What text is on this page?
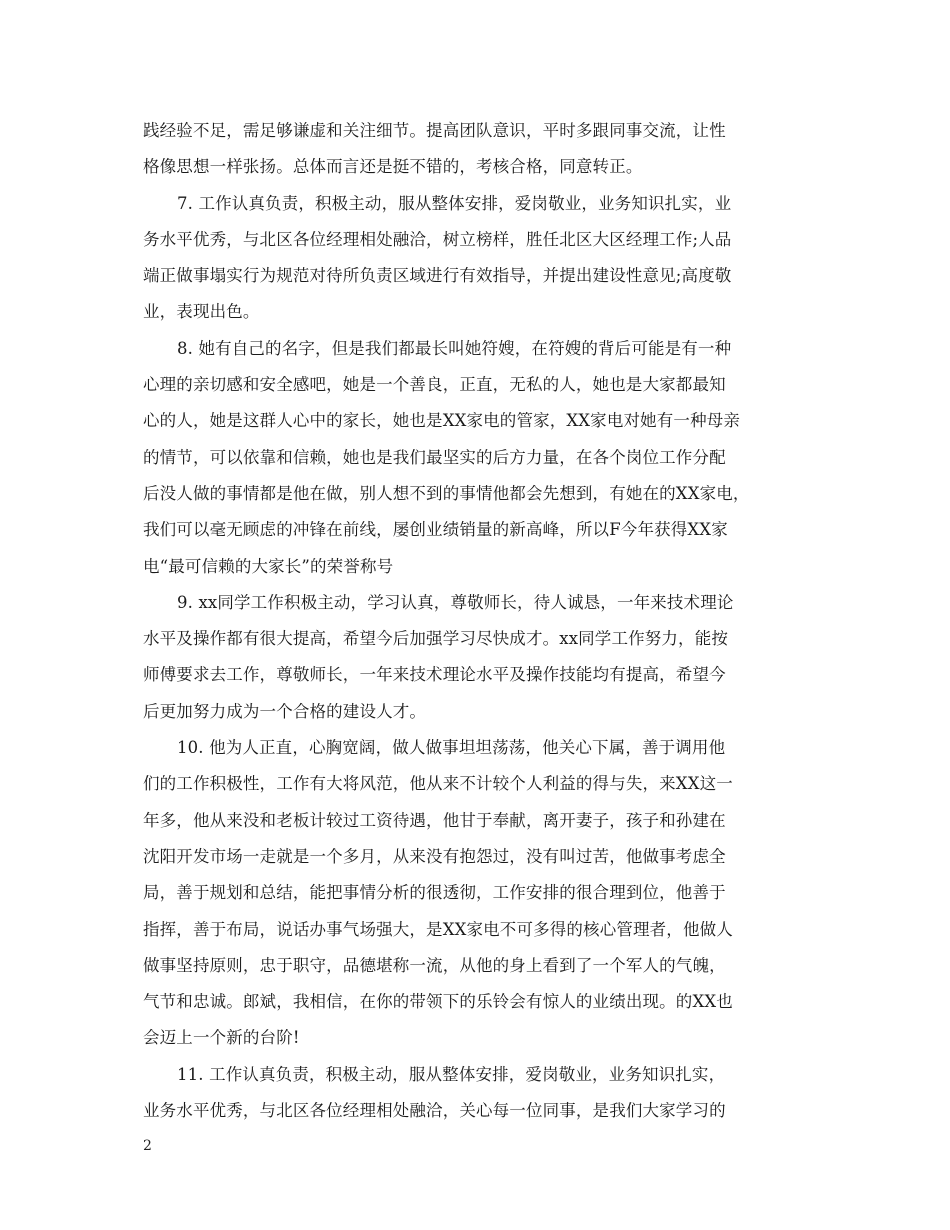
践经验不足，需足够谦虚和关注细节。提高团队意识，平时多跟同事交流，让性
格像思想一样张扬。总体而言还是挺不错的，考核合格，同意转正。
7. 工作认真负责，积极主动，服从整体安排，爱岗敬业，业务知识扎实，业
务水平优秀，与北区各位经理相处融洽，树立榜样，胜任北区大区经理工作;人品
端正做事塌实行为规范对待所负责区域进行有效指导，并提出建设性意见;高度敬
业，表现出色。
8. 她有自己的名字，但是我们都最长叫她符嫂，在符嫂的背后可能是有一种
心理的亲切感和安全感吧，她是一个善良，正直，无私的人，她也是大家都最知
心的人，她是这群人心中的家长，她也是XX家电的管家，XX家电对她有一种母亲
的情节，可以依靠和信赖，她也是我们最坚实的后方力量，在各个岗位工作分配
后没人做的事情都是他在做，别人想不到的事情他都会先想到，有她在的XX家电，
我们可以毫无顾虑的冲锋在前线，屡创业绩销量的新高峰，所以F今年获得XX家
电“最可信赖的大家长”的荣誉称号
9. xx同学工作积极主动，学习认真，尊敬师长，待人诚恳，一年来技术理论
水平及操作都有很大提高，希望今后加强学习尽快成才。xx同学工作努力，能按
师傅要求去工作，尊敬师长，一年来技术理论水平及操作技能均有提高，希望今
后更加努力成为一个合格的建设人才。
10. 他为人正直，心胸宽阔，做人做事坦坦荡荡，他关心下属，善于调用他
们的工作积极性，工作有大将风范，他从来不计较个人利益的得与失，来XX这一
年多，他从来没和老板计较过工资待遇，他甘于奉献，离开妻子，孩子和孙建在
沈阳开发市场一走就是一个多月，从来没有抱怨过，没有叫过苦，他做事考虑全
局，善于规划和总结，能把事情分析的很透彻，工作安排的很合理到位，他善于
指挥，善于布局，说话办事气场强大，是XX家电不可多得的核心管理者，他做人
做事坚持原则，忠于职守，品德堪称一流，从他的身上看到了一个军人的气魄，
气节和忠诚。郎斌，我相信，在你的带领下的乐铃会有惊人的业绩出现。的XX也
会迈上一个新的台阶!
11. 工作认真负责，积极主动，服从整体安排，爱岗敬业，业务知识扎实，
业务水平优秀，与北区各位经理相处融洽，关心每一位同事，是我们大家学习的
2
